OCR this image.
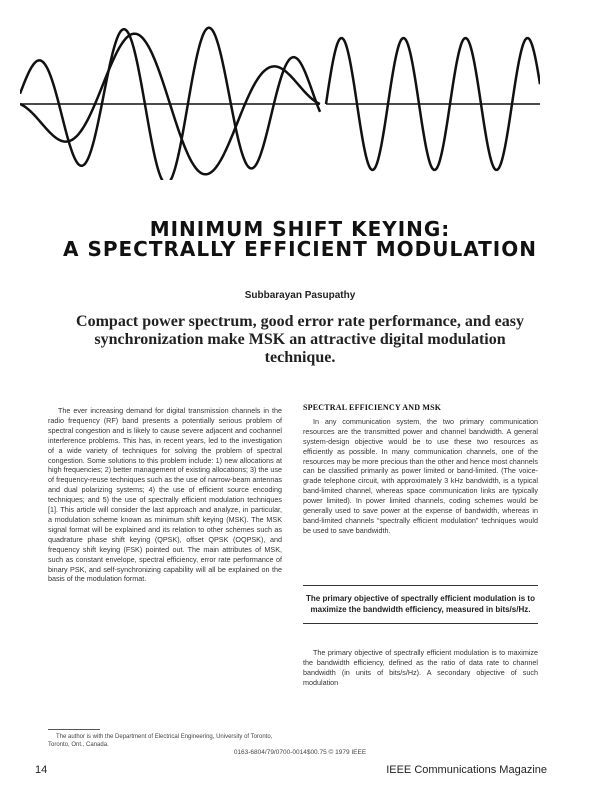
MINIMUM SHIFT KEYING:
A SPECTRALLY EFFICIENT MODULATION
Subbarayan Pasupathy
Compact power spectrum, good error rate performance, and easy synchronization make MSK an attractive digital modulation technique.

The ever increasing demand for digital transmission channels in the radio frequency (RF) band presents a potentially serious problem of spectral congestion and is likely to cause severe adjacent and cochannel interference problems. This has, in recent years, led to the investigation of a wide variety of techniques for solving the problem of spectral congestion. Some solutions to this problem include: 1) new allocations at high frequencies; 2) better management of existing allocations; 3) the use of frequency-reuse techniques such as the use of narrow-beam antennas and dual polarizing systems; 4) the use of efficient source encoding techniques; and 5) the use of spectrally efficient modulation techniques [1]. This article will consider the last approach and analyze, in particular, a modulation scheme known as minimum shift keying (MSK). The MSK signal format will be explained and its relation to other schemes such as quadrature phase shift keying (QPSK), offset QPSK (OQPSK), and frequency shift keying (FSK) pointed out. The main attributes of MSK, such as constant envelope, spectral efficiency, error rate performance of binary PSK, and self-synchronizing capability will all be explained on the basis of the modulation format.

SPECTRAL EFFICIENCY AND MSK

In any communication system, the two primary communication resources are the transmitted power and channel bandwidth. A general system-design objective would be to use these two resources as efficiently as possible. In many communication channels, one of the resources may be more precious than the other and hence most channels can be classified primarily as power limited or band-limited. (The voice-grade telephone circuit, with approximately 3 kHz bandwidth, is a typical band-limited channel, whereas space communication links are typically power limited). In power limited channels, coding schemes would be generally used to save power at the expense of bandwidth, whereas in band-limited channels “spectrally efficient modulation” techniques would be used to save bandwidth.

The primary objective of spectrally efficient modulation is to maximize the bandwidth efficiency, measured in bits/s/Hz.

The primary objective of spectrally efficient modulation is to maximize the bandwidth efficiency, defined as the ratio of data rate to channel bandwidth (in units of bits/s/Hz). A secondary objective of such modulation

The author is with the Department of Electrical Engineering, University of Toronto, Toronto, Ont., Canada.

0163-6804/79/0700-0014$00.75 © 1979 IEEE
14	IEEE Communications Magazine
